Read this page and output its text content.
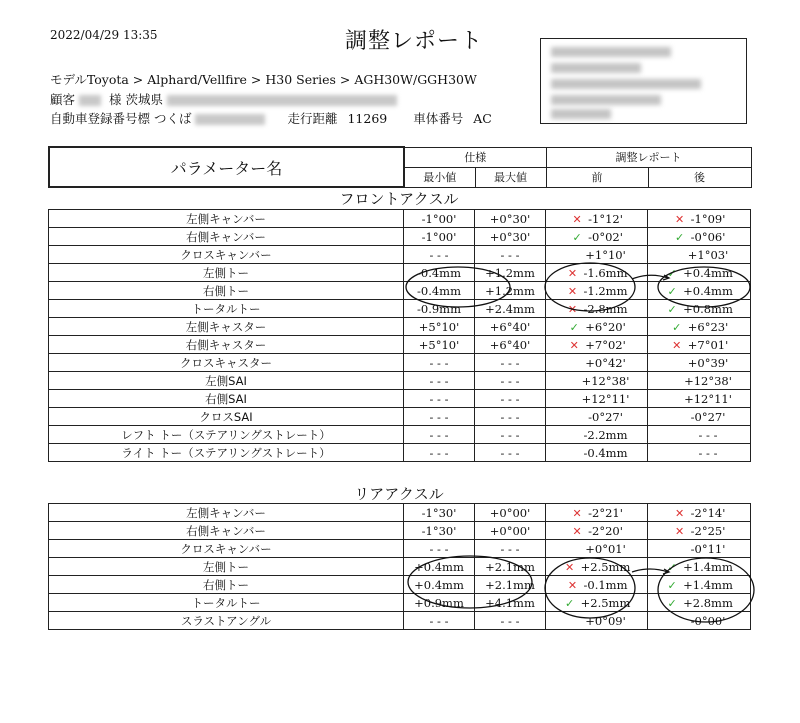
2022/04/29 13:35	調整レポート
モデルToyota > Alphard/Vellfire > H30 Series > AGH30W/GGH30W
顧客	様 茨城県
自動車登録番号標 つくば	走行距離 11269 車体番号 AC
パラメーター名	仕様		調整レポート	
	最小値	最大値	前	後
フロントアクスル
左側キャンバー	-1°00'	+0°30'	✕ -1°12'	✕ -1°09'
右側キャンバー	-1°00'	+0°30'	✓ -0°02'	✓ -0°06'
クロスキャンバー	- - -	- - -	+1°10'	+1°03'
左側トー	-0.4mm	+1.2mm	✕ -1.6mm	✓ +0.4mm
右側トー	-0.4mm	+1.2mm	✕ -1.2mm	✓ +0.4mm
トータルトー	-0.9mm	+2.4mm	✕ -2.8mm	✓ +0.8mm
左側キャスター	+5°10'	+6°40'	✓ +6°20'	✓ +6°23'
右側キャスター	+5°10'	+6°40'	✕ +7°02'	✕ +7°01'
クロスキャスター	- - -	- - -	+0°42'	+0°39'
左側SAI	- - -	- - -	+12°38'	+12°38'
右側SAI	- - -	- - -	+12°11'	+12°11'
クロスSAI	- - -	- - -	-0°27'	-0°27'
レフト トー（ステアリングストレート）	- - -	- - -	-2.2mm	- - -
ライト トー（ステアリングストレート）	- - -	- - -	-0.4mm	- - -
リアアクスル
左側キャンバー	-1°30'	+0°00'	✕ -2°21'	✕ -2°14'
右側キャンバー	-1°30'	+0°00'	✕ -2°20'	✕ -2°25'
クロスキャンバー	- - -	- - -	+0°01'	-0°11'
左側トー	+0.4mm	+2.1mm	✕ +2.5mm	✓ +1.4mm
右側トー	+0.4mm	+2.1mm	✕ -0.1mm	✓ +1.4mm
トータルトー	+0.9mm	+4.1mm	✓ +2.5mm	✓ +2.8mm
スラストアングル	- - -	- - -	+0°09'	-0°00'
